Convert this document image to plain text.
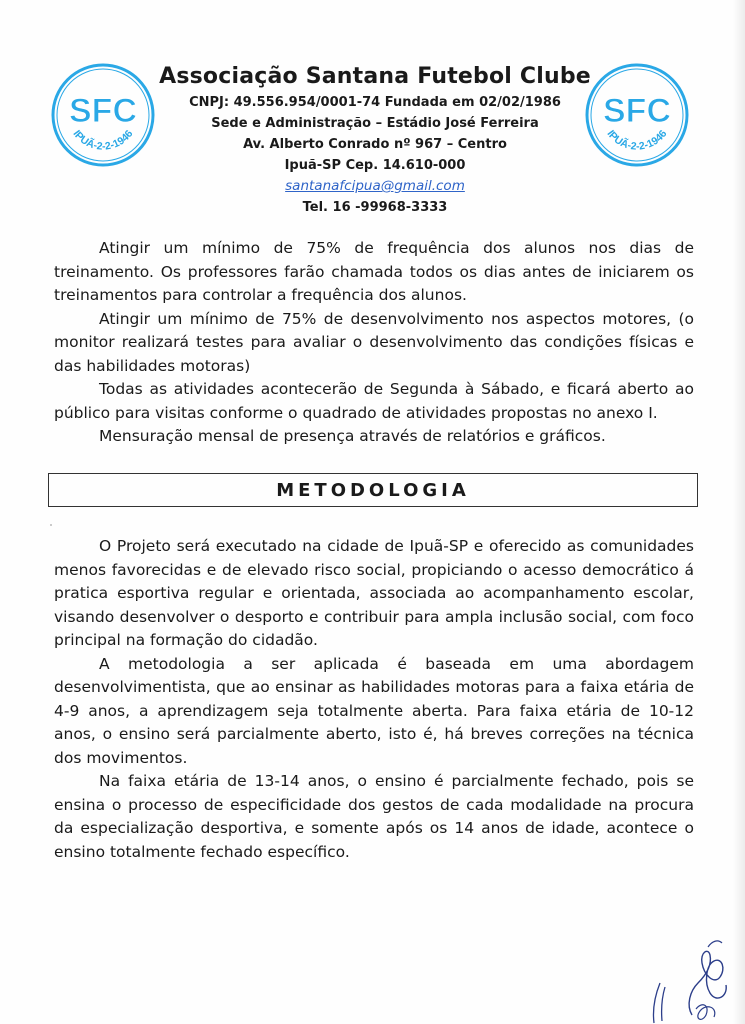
SFC
IPUÃ-2-2-1946
SFC
IPUÃ-2-2-1946
Associação Santana Futebol Clube
CNPJ: 49.556.954/0001-74 Fundada em 02/02/1986
Sede e Administração – Estádio José Ferreira
Av. Alberto Conrado nº 967 – Centro
Ipuã-SP Cep. 14.610-000
santanafcipua@gmail.com
Tel. 16 -99968-3333

Atingir um mínimo de 75% de frequência dos alunos nos dias de treinamento. Os professores farão chamada todos os dias antes de iniciarem os treinamentos para controlar a frequência dos alunos.

Atingir um mínimo de 75% de desenvolvimento nos aspectos motores, (o monitor realizará testes para avaliar o desenvolvimento das condições físicas e das habilidades motoras)

Todas as atividades acontecerão de Segunda à Sábado, e ficará aberto ao público para visitas conforme o quadrado de atividades propostas no anexo I.

Mensuração mensal de presença através de relatórios e gráficos.

METODOLOGIA

O Projeto será executado na cidade de Ipuã-SP e oferecido as comunidades menos favorecidas e de elevado risco social, propiciando o acesso democrático á pratica esportiva regular e orientada, associada ao acompanhamento escolar, visando desenvolver o desporto e contribuir para ampla inclusão social, com foco principal na formação do cidadão.

A metodologia a ser aplicada é baseada em uma abordagem desenvolvimentista, que ao ensinar as habilidades motoras para a faixa etária de 4-9 anos, a aprendizagem seja totalmente aberta. Para faixa etária de 10-12 anos, o ensino será parcialmente aberto, isto é, há breves correções na técnica dos movimentos.

Na faixa etária de 13-14 anos, o ensino é parcialmente fechado, pois se ensina o processo de especificidade dos gestos de cada modalidade na procura da especialização desportiva, e somente após os 14 anos de idade, acontece o ensino totalmente fechado específico.
